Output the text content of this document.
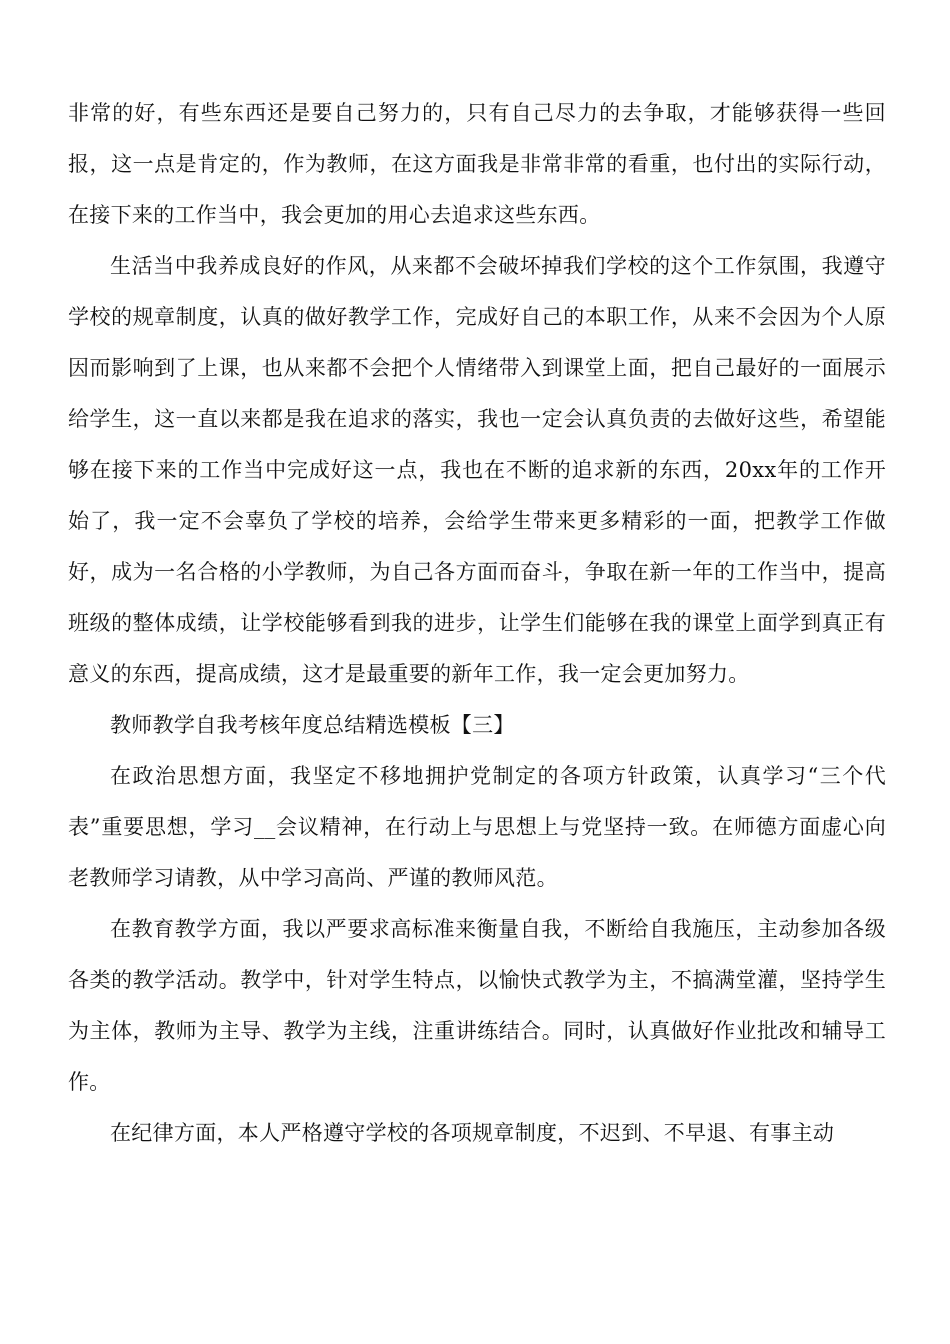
非常的好，有些东西还是要自己努力的，只有自己尽力的去争取，才能够获得一些回报，这一点是肯定的，作为教师，在这方面我是非常非常的看重，也付出的实际行动，在接下来的工作当中，我会更加的用心去追求这些东西。

生活当中我养成良好的作风，从来都不会破坏掉我们学校的这个工作氛围，我遵守学校的规章制度，认真的做好教学工作，完成好自己的本职工作，从来不会因为个人原因而影响到了上课，也从来都不会把个人情绪带入到课堂上面，把自己最好的一面展示给学生，这一直以来都是我在追求的落实，我也一定会认真负责的去做好这些，希望能够在接下来的工作当中完成好这一点，我也在不断的追求新的东西，20xx年的工作开始了，我一定不会辜负了学校的培养，会给学生带来更多精彩的一面，把教学工作做好，成为一名合格的小学教师，为自己各方面而奋斗，争取在新一年的工作当中，提高班级的整体成绩，让学校能够看到我的进步，让学生们能够在我的课堂上面学到真正有意义的东西，提高成绩，这才是最重要的新年工作，我一定会更加努力。

教师教学自我考核年度总结精选模板【三】

在政治思想方面，我坚定不移地拥护党制定的各项方针政策，认真学习“三个代表”重要思想，学习__会议精神，在行动上与思想上与党坚持一致。在师德方面虚心向老教师学习请教，从中学习高尚、严谨的教师风范。

在教育教学方面，我以严要求高标准来衡量自我，不断给自我施压，主动参加各级各类的教学活动。教学中，针对学生特点，以愉快式教学为主，不搞满堂灌，坚持学生为主体，教师为主导、教学为主线，注重讲练结合。同时，认真做好作业批改和辅导工作。

在纪律方面，本人严格遵守学校的各项规章制度，不迟到、不早退、有事主动
